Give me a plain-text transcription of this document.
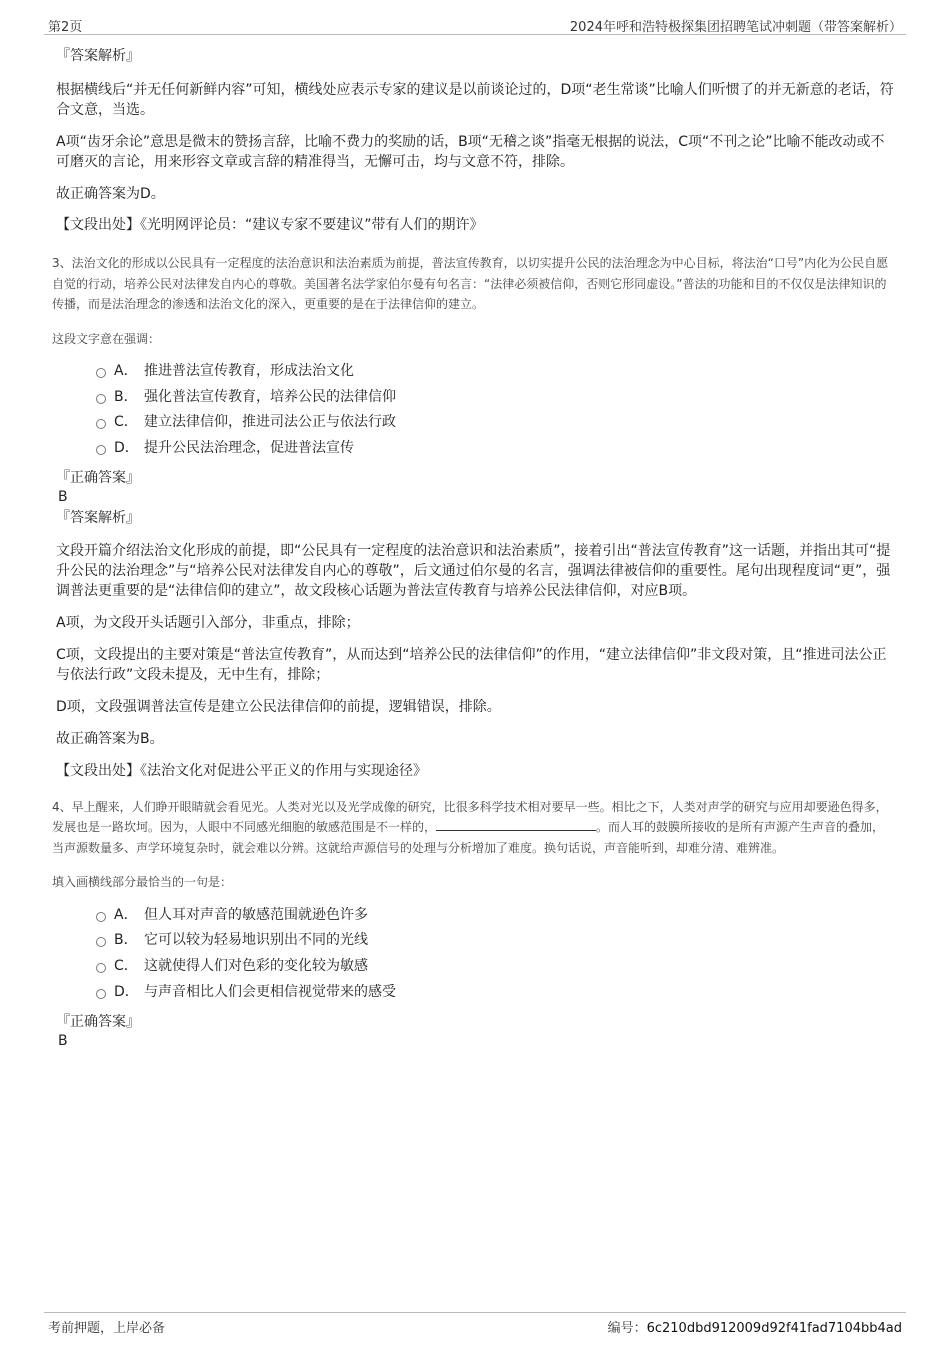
第2页	2024年呼和浩特极探集团招聘笔试冲刺题（带答案解析）
『答案解析』

根据横线后“并无任何新鲜内容”可知，横线处应表示专家的建议是以前谈论过的，D项“老生常谈”比喻人们听惯了的并无新意的老话，符合文意，当选。

A项“齿牙余论”意思是微末的赞扬言辞，比喻不费力的奖励的话，B项“无稽之谈”指毫无根据的说法，C项“不刊之论”比喻不能改动或不可磨灭的言论，用来形容文章或言辞的精准得当，无懈可击，均与文意不符，排除。

故正确答案为D。

【文段出处】《光明网评论员：“建议专家不要建议”带有人们的期许》

3、法治文化的形成以公民具有一定程度的法治意识和法治素质为前提，普法宣传教育，以切实提升公民的法治理念为中心目标，将法治“口号”内化为公民自愿自觉的行动，培养公民对法律发自内心的尊敬。美国著名法学家伯尔曼有句名言：“法律必须被信仰，否则它形同虚设。”普法的功能和目的不仅仅是法律知识的传播，而是法治理念的渗透和法治文化的深入，更重要的是在于法律信仰的建立。

这段文字意在强调：

A． 推进普法宣传教育，形成法治文化
B． 强化普法宣传教育，培养公民的法律信仰
C． 建立法律信仰，推进司法公正与依法行政
D． 提升公民法治理念，促进普法宣传
『正确答案』
B
『答案解析』

文段开篇介绍法治文化形成的前提，即“公民具有一定程度的法治意识和法治素质”，接着引出“普法宣传教育”这一话题，并指出其可“提升公民的法治理念”与“培养公民对法律发自内心的尊敬”，后文通过伯尔曼的名言，强调法律被信仰的重要性。尾句出现程度词“更”，强调普法更重要的是“法律信仰的建立”，故文段核心话题为普法宣传教育与培养公民法律信仰，对应B项。

A项，为文段开头话题引入部分，非重点，排除；

C项，文段提出的主要对策是“普法宣传教育”，从而达到“培养公民的法律信仰”的作用，“建立法律信仰”非文段对策，且“推进司法公正与依法行政”文段未提及，无中生有，排除；

D项，文段强调普法宣传是建立公民法律信仰的前提，逻辑错误，排除。

故正确答案为B。

【文段出处】《法治文化对促进公平正义的作用与实现途径》

4、早上醒来，人们睁开眼睛就会看见光。人类对光以及光学成像的研究，比很多科学技术相对要早一些。相比之下，人类对声学的研究与应用却要逊色得多，发展也是一路坎坷。因为，人眼中不同感光细胞的敏感范围是不一样的，	。而人耳的鼓膜所接收的是所有声源产生声音的叠加，当声源数量多、声学环境复杂时，就会难以分辨。这就给声源信号的处理与分析增加了难度。换句话说，声音能听到，却难分清、难辨准。

填入画横线部分最恰当的一句是：

A． 但人耳对声音的敏感范围就逊色许多
B． 它可以较为轻易地识别出不同的光线
C． 这就使得人们对色彩的变化较为敏感
D． 与声音相比人们会更相信视觉带来的感受
『正确答案』
B
考前押题，上岸必备	编号：6c210dbd912009d92f41fad7104bb4ad
